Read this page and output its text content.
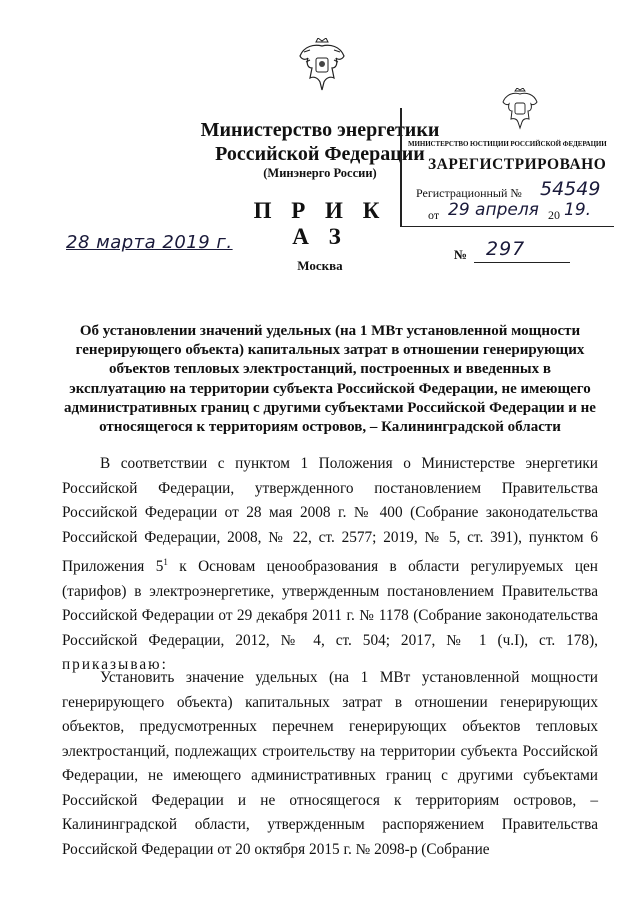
Министерство энергетики
Российской Федерации
(Минэнерго России)
П Р И К А З
МИНИСТЕРСТВО ЮСТИЦИИ РОССИЙСКОЙ ФЕДЕРАЦИИ
ЗАРЕГИСТРИРОВАНО
Регистрационный № 54549
от 29 апреля 20 19.
28 марта 2019 г.
№ 297
Москва
Об установлении значений удельных (на 1 МВт установленной мощности генерирующего объекта) капитальных затрат в отношении генерирующих объектов тепловых электростанций, построенных и введенных в эксплуатацию на территории субъекта Российской Федерации, не имеющего административных границ с другими субъектами Российской Федерации и не относящегося к территориям островов, – Калининградской области
В соответствии с пунктом 1 Положения о Министерстве энергетики Российской Федерации, утвержденного постановлением Правительства Российской Федерации от 28 мая 2008 г. № 400 (Собрание законодательства Российской Федерации, 2008, № 22, ст. 2577; 2019, № 5, ст. 391), пунктом 6 Приложения $5^1$ к Основам ценообразования в области регулируемых цен (тарифов) в электроэнергетике, утвержденным постановлением Правительства Российской Федерации от 29 декабря 2011 г. № 1178 (Собрание законодательства Российской Федерации, 2012, № 4, ст. 504; 2017, № 1 (ч.I), ст. 178), приказываю:
Установить значение удельных (на 1 МВт установленной мощности генерирующего объекта) капитальных затрат в отношении генерирующих объектов, предусмотренных перечнем генерирующих объектов тепловых электростанций, подлежащих строительству на территории субъекта Российской Федерации, не имеющего административных границ с другими субъектами Российской Федерации и не относящегося к территориям островов, – Калининградской области, утвержденным распоряжением Правительства Российской Федерации от 20 октября 2015 г. № 2098-р (Собрание
